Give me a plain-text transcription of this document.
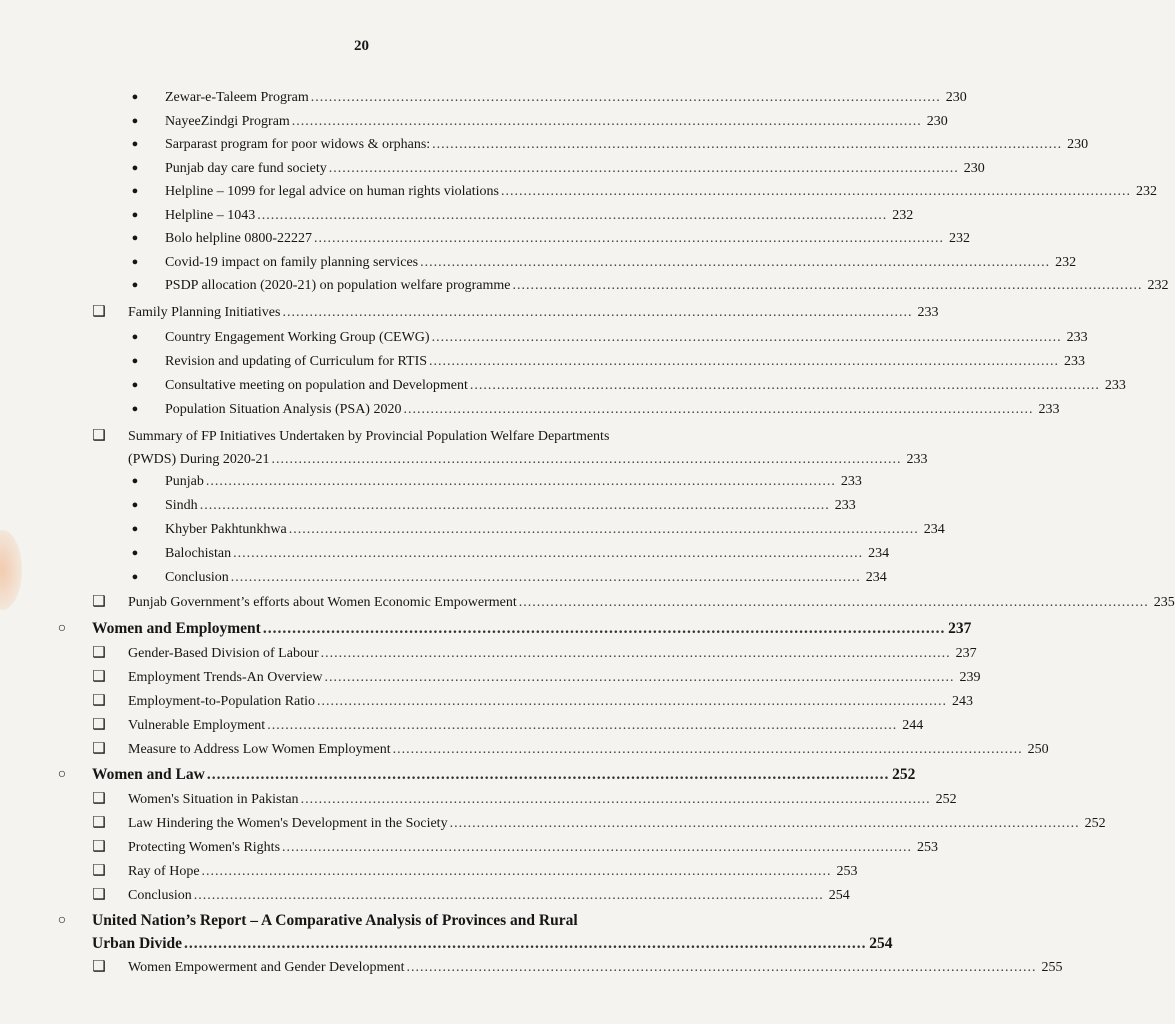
20
● Zewar-e-Taleem Program ............................................................................................................................................ 230
● NayeeZindgi Program ............................................................................................................................................ 230
● Sarparast program for poor widows & orphans: ............................................................................................................................................ 230
● Punjab day care fund society ............................................................................................................................................ 230
● Helpline – 1099 for legal advice on human rights violations ............................................................................................................................................ 232
● Helpline – 1043 ............................................................................................................................................ 232
● Bolo helpline 0800-22227 ............................................................................................................................................ 232
● Covid-19 impact on family planning services ............................................................................................................................................ 232
● PSDP allocation (2020-21) on population welfare programme ............................................................................................................................................ 232
❑ Family Planning Initiatives ............................................................................................................................................ 233
● Country Engagement Working Group (CEWG) ............................................................................................................................................ 233
● Revision and updating of Curriculum for RTIS ............................................................................................................................................ 233
● Consultative meeting on population and Development ............................................................................................................................................ 233
● Population Situation Analysis (PSA) 2020 ............................................................................................................................................ 233
❑ Summary of FP Initiatives Undertaken by Provincial Population Welfare Departments
(PWDS) During 2020-21 ............................................................................................................................................ 233
● Punjab ............................................................................................................................................ 233
● Sindh ............................................................................................................................................ 233
● Khyber Pakhtunkhwa ............................................................................................................................................ 234
● Balochistan ............................................................................................................................................ 234
● Conclusion ............................................................................................................................................ 234
❑ Punjab Government’s efforts about Women Economic Empowerment ............................................................................................................................................ 235
○ Women and Employment ............................................................................................................................................ 237
❑ Gender-Based Division of Labour ............................................................................................................................................ 237
❑ Employment Trends-An Overview ............................................................................................................................................ 239
❑ Employment-to-Population Ratio ............................................................................................................................................ 243
❑ Vulnerable Employment ............................................................................................................................................ 244
❑ Measure to Address Low Women Employment ............................................................................................................................................ 250
○ Women and Law ............................................................................................................................................ 252
❑ Women's Situation in Pakistan ............................................................................................................................................ 252
❑ Law Hindering the Women's Development in the Society ............................................................................................................................................ 252
❑ Protecting Women's Rights ............................................................................................................................................ 253
❑ Ray of Hope ............................................................................................................................................ 253
❑ Conclusion ............................................................................................................................................ 254
○ United Nation’s Report – A Comparative Analysis of Provinces and Rural
Urban Divide ............................................................................................................................................ 254
❑ Women Empowerment and Gender Development ............................................................................................................................................ 255
